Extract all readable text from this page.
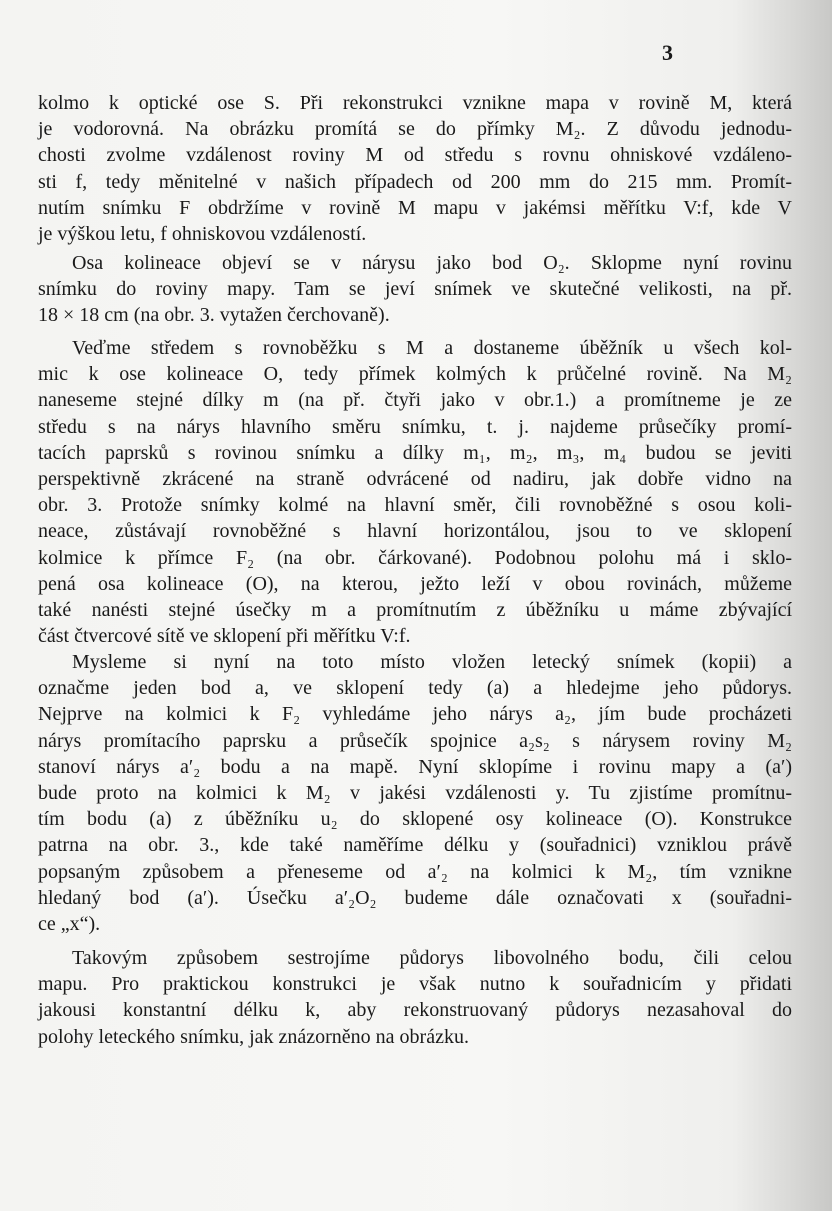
3
kolmo k optické ose S. Při rekonstrukci vznikne mapa v rovině M, která
je vodorovná. Na obrázku promítá se do přímky M₂. Z důvodu jednodu-
chosti zvolme vzdálenost roviny M od středu s rovnu ohniskové vzdáleno-
sti f, tedy měnitelné v našich případech od 200 mm do 215 mm. Promít-
nutím snímku F obdržíme v rovině M mapu v jakémsi měřítku V:f, kde V
je výškou letu, f ohniskovou vzdáleností.
Osa kolineace objeví se v nárysu jako bod O₂. Sklopme nyní rovinu
snímku do roviny mapy. Tam se jeví snímek ve skutečné velikosti, na př.
18 × 18 cm (na obr. 3. vytažen čerchovaně).
Veďme středem s rovnoběžku s M a dostaneme úběžník u všech kol-
mic k ose kolineace O, tedy přímek kolmých k průčelné rovině. Na M₂
naneseme stejné dílky m (na př. čtyři jako v obr.1.) a promítneme je ze
středu s na nárys hlavního směru snímku, t. j. najdeme průsečíky promí-
tacích paprsků s rovinou snímku a dílky m₁, m₂, m₃, m₄ budou se jeviti
perspektivně zkrácené na straně odvrácené od nadiru, jak dobře vidno na
obr. 3. Protože snímky kolmé na hlavní směr, čili rovnoběžné s osou koli-
neace, zůstávají rovnoběžné s hlavní horizontálou, jsou to ve sklopení
kolmice k přímce F₂ (na obr. čárkované). Podobnou polohu má i sklo-
pená osa kolineace (O), na kterou, ježto leží v obou rovinách, můžeme
také nanésti stejné úsečky m a promítnutím z úběžníku u máme zbývající
část čtvercové sítě ve sklopení při měřítku V:f.
Mysleme si nyní na toto místo vložen letecký snímek (kopii) a
označme jeden bod a, ve sklopení tedy (a) a hledejme jeho půdorys.
Nejprve na kolmici k F₂ vyhledáme jeho nárys a₂, jím bude procházeti
nárys promítacího paprsku a průsečík spojnice a₂s₂ s nárysem roviny M₂
stanoví nárys a′₂ bodu a na mapě. Nyní sklopíme i rovinu mapy a (a′)
bude proto na kolmici k M₂ v jakési vzdálenosti y. Tu zjistíme promítnu-
tím bodu (a) z úběžníku u₂ do sklopené osy kolineace (O). Konstrukce
patrna na obr. 3., kde také naměříme délku y (souřadnici) vzniklou právě
popsaným způsobem a přeneseme od a′₂ na kolmici k M₂, tím vznikne
hledaný bod (a′). Úsečku a′₂O₂ budeme dále označovati x (souřadni-
ce „x“).
Takovým způsobem sestrojíme půdorys libovolného bodu, čili celou
mapu. Pro praktickou konstrukci je však nutno k souřadnicím y přidati
jakousi konstantní délku k, aby rekonstruovaný půdorys nezasahoval do
polohy leteckého snímku, jak znázorněno na obrázku.
